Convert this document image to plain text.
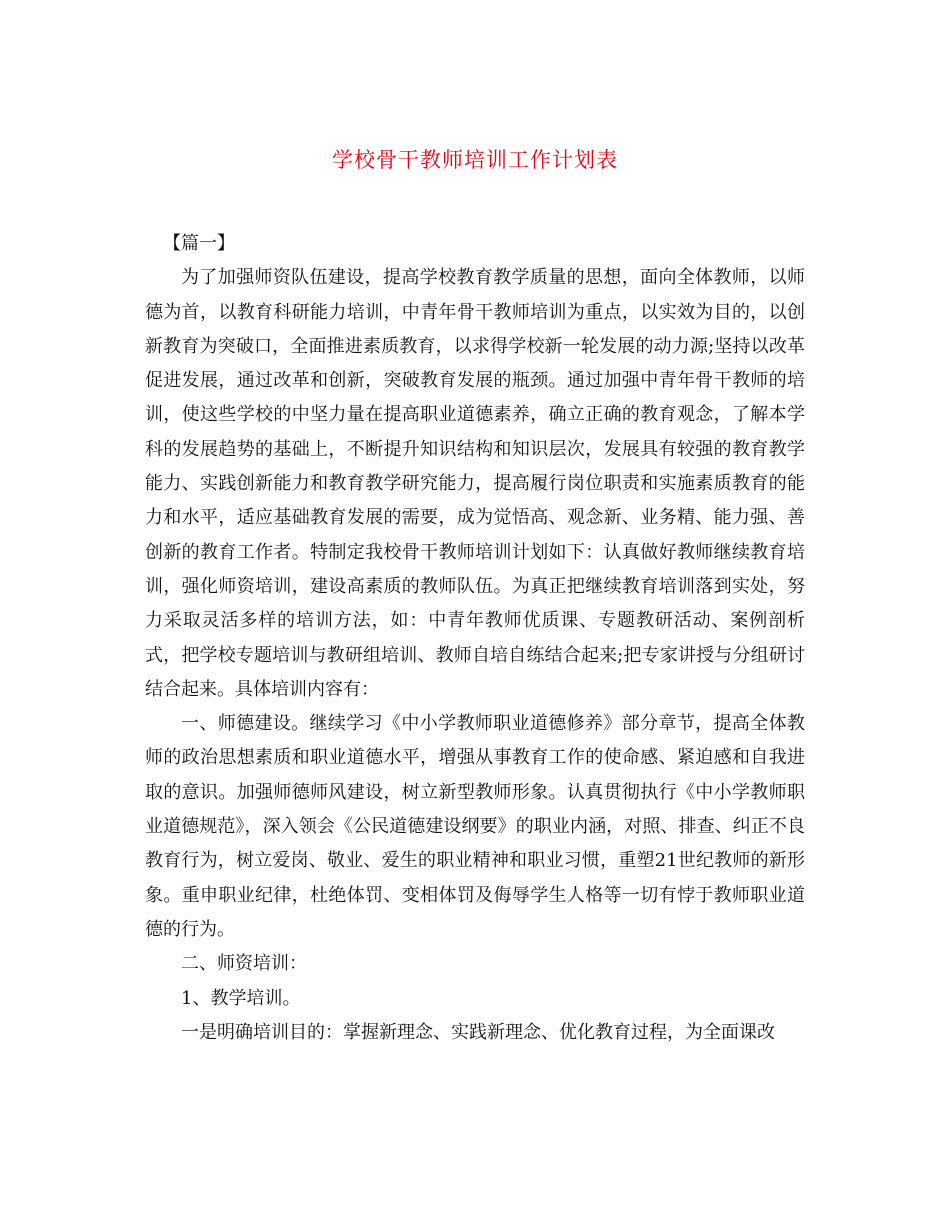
学校骨干教师培训工作计划表

【篇一】

为了加强师资队伍建设，提高学校教育教学质量的思想，面向全体教师，以师德为首，以教育科研能力培训，中青年骨干教师培训为重点，以实效为目的，以创新教育为突破口，全面推进素质教育，以求得学校新一轮发展的动力源;坚持以改革促进发展，通过改革和创新，突破教育发展的瓶颈。通过加强中青年骨干教师的培训，使这些学校的中坚力量在提高职业道德素养，确立正确的教育观念，了解本学科的发展趋势的基础上，不断提升知识结构和知识层次，发展具有较强的教育教学能力、实践创新能力和教育教学研究能力，提高履行岗位职责和实施素质教育的能力和水平，适应基础教育发展的需要，成为觉悟高、观念新、业务精、能力强、善创新的教育工作者。特制定我校骨干教师培训计划如下：认真做好教师继续教育培训，强化师资培训，建设高素质的教师队伍。为真正把继续教育培训落到实处，努力采取灵活多样的培训方法，如：中青年教师优质课、专题教研活动、案例剖析式，把学校专题培训与教研组培训、教师自培自练结合起来;把专家讲授与分组研讨结合起来。具体培训内容有：

一、师德建设。继续学习《中小学教师职业道德修养》部分章节，提高全体教师的政治思想素质和职业道德水平，增强从事教育工作的使命感、紧迫感和自我进取的意识。加强师德师风建设，树立新型教师形象。认真贯彻执行《中小学教师职业道德规范》，深入领会《公民道德建设纲要》的职业内涵，对照、排查、纠正不良教育行为，树立爱岗、敬业、爱生的职业精神和职业习惯，重塑21世纪教师的新形象。重申职业纪律，杜绝体罚、变相体罚及侮辱学生人格等一切有悖于教师职业道德的行为。

二、师资培训：

1、教学培训。

一是明确培训目的：掌握新理念、实践新理念、优化教育过程，为全面课改
